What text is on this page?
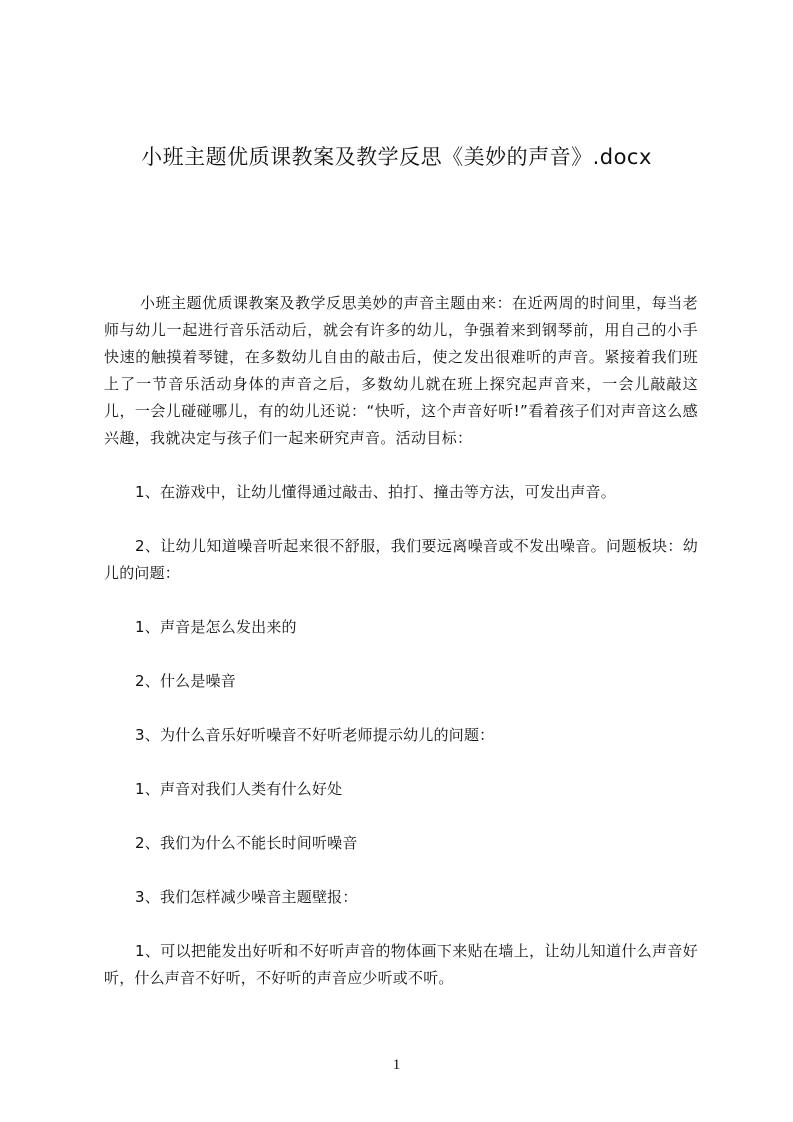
小班主题优质课教案及教学反思《美妙的声音》.docx

小班主题优质课教案及教学反思美妙的声音主题由来：在近两周的时间里，每当老师与幼儿一起进行音乐活动后，就会有许多的幼儿，争强着来到钢琴前，用自己的小手快速的触摸着琴键，在多数幼儿自由的敲击后，使之发出很难听的声音。紧接着我们班上了一节音乐活动身体的声音之后，多数幼儿就在班上探究起声音来，一会儿敲敲这儿，一会儿碰碰哪儿，有的幼儿还说：“快听，这个声音好听!”看着孩子们对声音这么感兴趣，我就决定与孩子们一起来研究声音。活动目标：

1、在游戏中，让幼儿懂得通过敲击、拍打、撞击等方法，可发出声音。

2、让幼儿知道噪音听起来很不舒服，我们要远离噪音或不发出噪音。问题板块：幼儿的问题：

1、声音是怎么发出来的

2、什么是噪音

3、为什么音乐好听噪音不好听老师提示幼儿的问题：

1、声音对我们人类有什么好处

2、我们为什么不能长时间听噪音

3、我们怎样减少噪音主题壁报：

1、可以把能发出好听和不好听声音的物体画下来贴在墙上，让幼儿知道什么声音好听，什么声音不好听，不好听的声音应少听或不听。

1
